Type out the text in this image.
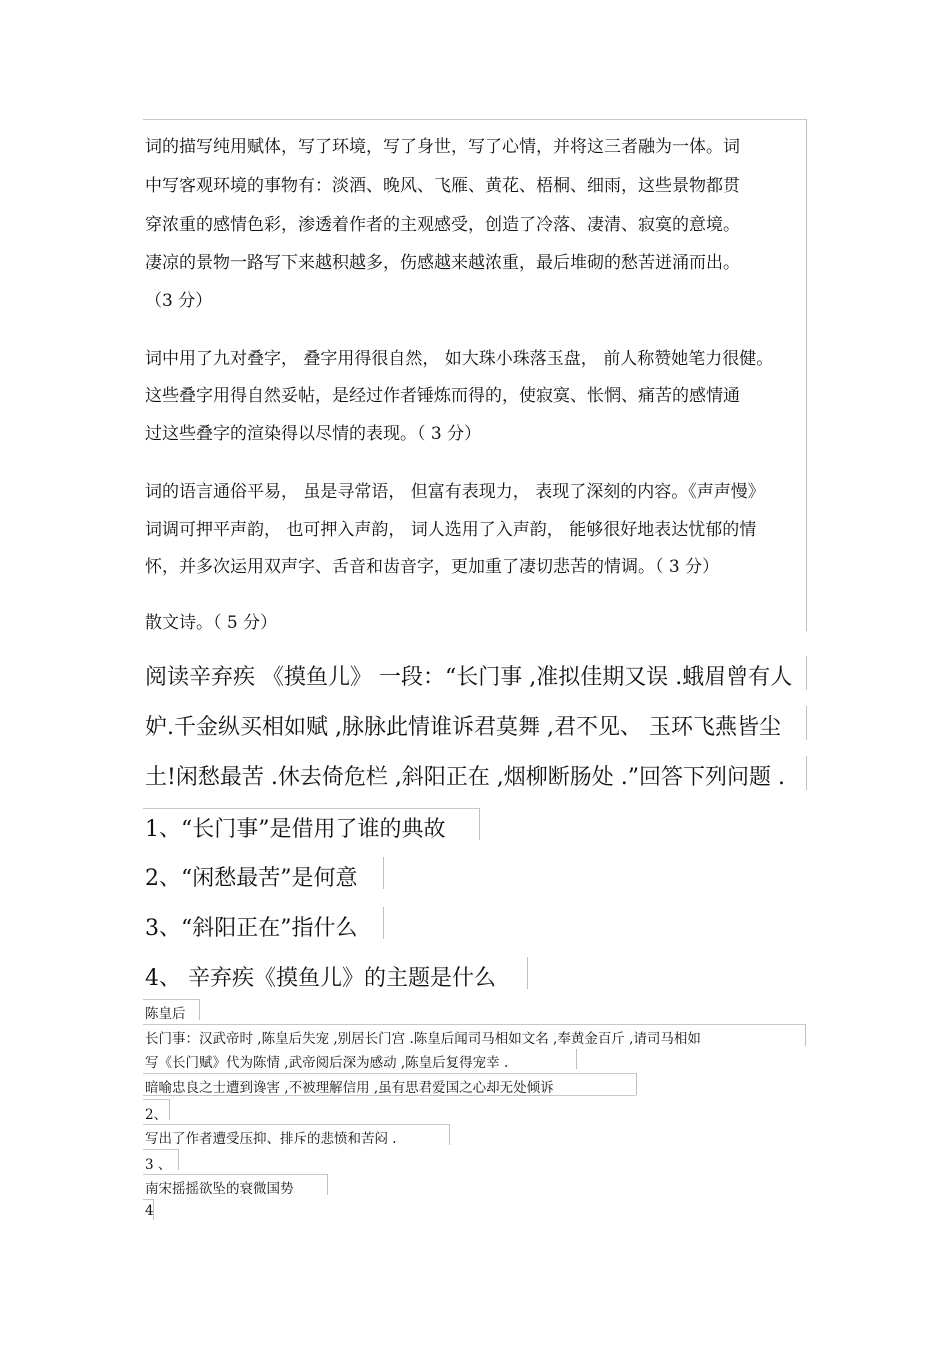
词的描写纯用赋体，写了环境，写了身世，写了心情，并将这三者融为一体。词
中写客观环境的事物有：淡酒、晚风、飞雁、黄花、梧桐、细雨，这些景物都贯
穿浓重的感情色彩，渗透着作者的主观感受，创造了冷落、凄清、寂寞的意境。
凄凉的景物一路写下来越积越多，伤感越来越浓重，最后堆砌的愁苦迸涌而出。
（3 分）
词中用了九对叠字， 叠字用得很自然， 如大珠小珠落玉盘， 前人称赞她笔力很健。
这些叠字用得自然妥帖，是经过作者锤炼而得的，使寂寞、怅惘、痛苦的感情通
过这些叠字的渲染得以尽情的表现。（ 3 分）
词的语言通俗平易， 虽是寻常语， 但富有表现力， 表现了深刻的内容。《声声慢》
词调可押平声韵， 也可押入声韵， 词人选用了入声韵， 能够很好地表达忧郁的情
怀，并多次运用双声字、舌音和齿音字，更加重了凄切悲苦的情调。（ 3 分）
散文诗。（ 5 分）
阅读辛弃疾 《摸鱼儿》 一段：“长门事 ,准拟佳期又误 .蛾眉曾有人
妒.千金纵买相如赋 ,脉脉此情谁诉君莫舞 ,君不见、 玉环飞燕皆尘
土!闲愁最苦 .休去倚危栏 ,斜阳正在 ,烟柳断肠处 .”回答下列问题 .
1、“长门事”是借用了谁的典故
2、“闲愁最苦”是何意
3、“斜阳正在”指什么
4、 辛弃疾《摸鱼儿》的主题是什么
陈皇后
长门事：汉武帝时 ,陈皇后失宠 ,别居长门宫 .陈皇后闻司马相如文名 ,奉黄金百斤 ,请司马相如
写《长门赋》代为陈情 ,武帝阅后深为感动 ,陈皇后复得宠幸 .
暗喻忠良之士遭到谗害 ,不被理解信用 ,虽有思君爱国之心却无处倾诉
2、
写出了作者遭受压抑、排斥的悲愤和苦闷 .
3 、
南宋摇摇欲坠的衰微国势
4
